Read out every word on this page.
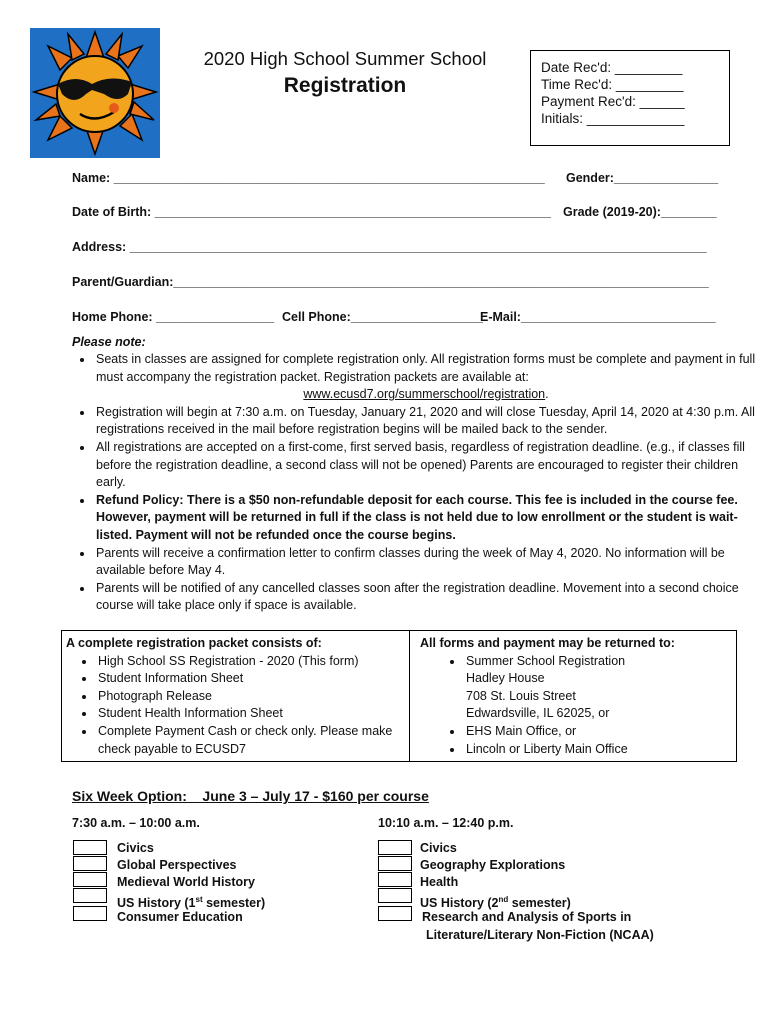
2020 High School Summer School
Registration
Date Rec'd: _________
Time Rec'd: _________
Payment Rec'd: ______
Initials: _____________
Name: ______________________________________________________________ Gender:_______________
Date of Birth: _________________________________________________________ Grade (2019-20):________
Address: ___________________________________________________________________________________
Parent/Guardian:_____________________________________________________________________________
Home Phone: _________________ Cell Phone:___________________
E-Mail:____________________________
Please note:
• Seats in classes are assigned for complete registration only. All registration forms must be complete and payment in full must accompany the registration packet. Registration packets are available at:
www.ecusd7.org/summerschool/registration.
• Registration will begin at 7:30 a.m. on Tuesday, January 21, 2020 and will close Tuesday, April 14, 2020 at 4:30 p.m. All registrations received in the mail before registration begins will be mailed back to the sender.
• All registrations are accepted on a first-come, first served basis, regardless of registration deadline. (e.g., if classes fill before the registration deadline, a second class will not be opened) Parents are encouraged to register their children early.
• Refund Policy: There is a $50 non-refundable deposit for each course. This fee is included in the course fee. However, payment will be returned in full if the class is not held due to low enrollment or the student is wait-listed. Payment will not be refunded once the course begins.
• Parents will receive a confirmation letter to confirm classes during the week of May 4, 2020. No information will be available before May 4.
• Parents will be notified of any cancelled classes soon after the registration deadline. Movement into a second choice course will take place only if space is available.
A complete registration packet consists of:
• High School SS Registration - 2020 (This form)
• Student Information Sheet
• Photograph Release
• Student Health Information Sheet
• Complete Payment Cash or check only. Please make check payable to ECUSD7
All forms and payment may be returned to:
• Summer School Registration
Hadley House
708 St. Louis Street
Edwardsville, IL 62025, or
• EHS Main Office, or
• Lincoln or Liberty Main Office
Six Week Option:    June 3 – July 17 - $160 per course
7:30 a.m. – 10:00 a.m.	10:10 a.m. – 12:40 p.m.
Civics
Global Perspectives
Medieval World History
US History (1st semester)
Consumer Education
Civics
Geography Explorations
Health
US History (2nd semester)
Research and Analysis of Sports in
Literature/Literary Non-Fiction (NCAA)
